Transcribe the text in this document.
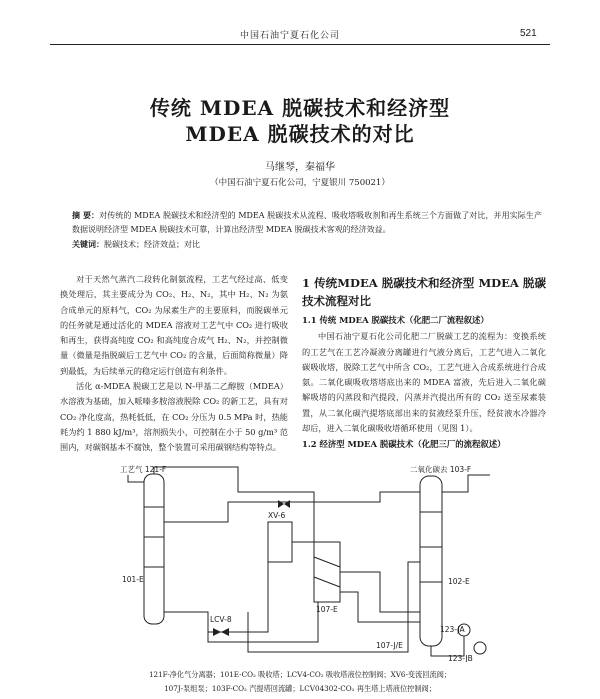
中国石油宁夏石化公司	521
传统 MDEA 脱碳技术和经济型
MDEA 脱碳技术的对比
马继琴，秦福华
（中国石油宁夏石化公司，宁夏银川 750021）
摘 要：对传统的 MDEA 脱碳技术和经济型的 MDEA 脱碳技术从流程、吸收塔吸收剂和再生系统三个方面做了对比，并用实际生产数据说明经济型 MDEA 脱碳技术可靠，计算出经济型 MDEA 脱碳技术客观的经济效益。
关键词：脱碳技术；经济效益；对比

对于天然气蒸汽二段转化制氨流程，工艺气经过高、低变换处理后，其主要成分为 CO₂、H₂、N₂，其中 H₂、N₂ 为氨合成单元的原料气，CO₂ 为尿素生产的主要原料，而脱碳单元的任务就是通过活化的 MDEA 溶液对工艺气中 CO₂ 进行吸收和再生，获得高纯度 CO₂ 和高纯度合成气 H₂、N₂，并控制微量（微量是指脱碳后工艺气中 CO₂ 的含量，后面简称微量）降到最低，为后续单元的稳定运行创造有利条件。

活化 α-MDEA 脱碳工艺是以 N-甲基二乙醇胺（MDEA）水溶液为基础，加入哌嗪多胺溶液脱除 CO₂ 的新工艺，具有对 CO₂ 净化度高，热耗低低，在 CO₂ 分压为 0.5 MPa 时，热能耗为约 1 880 kJ/m³，溶剂损失小，可控制在小于 50 g/m³ 范围内，对碳钢基本不腐蚀，整个装置可采用碳钢结构等特点。

1 传统MDEA 脱碳技术和经济型 MDEA 脱碳技术流程对比
1.1 传统 MDEA 脱碳技术（化肥二厂流程叙述）

中国石油宁夏石化公司化肥二厂脱碳工艺的流程为：变换系统的工艺气在工艺冷凝液分离罐进行气液分离后，工艺气进入二氧化碳吸收塔，脱除工艺气中所含 CO₂，工艺气进入合成系统进行合成氨。二氧化碳吸收塔塔底出来的 MDEA 富液，先后进入二氧化碳解吸塔的闪蒸段和汽提段，闪蒸并汽提出所有的 CO₂ 送至尿素装置，从二氧化碳汽提塔底部出来的贫液经泵升压，经贫液水冷器冷却后，进入二氧化碳吸收塔循环使用（见图 1）。

1.2 经济型 MDEA 脱碳技术（化肥三厂的流程叙述）
工艺气 121-F	二氧化碳去 103-F
101-E
107-E
102-E
107-J/E
LCV-8
XV-6
123-JA
123-JB
121F-净化气分离器；101E-CO₂ 吸收塔；LCV4-CO₂ 吸收塔液位控制阀；XV6-变流回流阀；
107J-泵组泵；103F-CO₂ 汽提塔回流罐；LCV04302-CO₂ 再生塔上塔液位控制阀；
